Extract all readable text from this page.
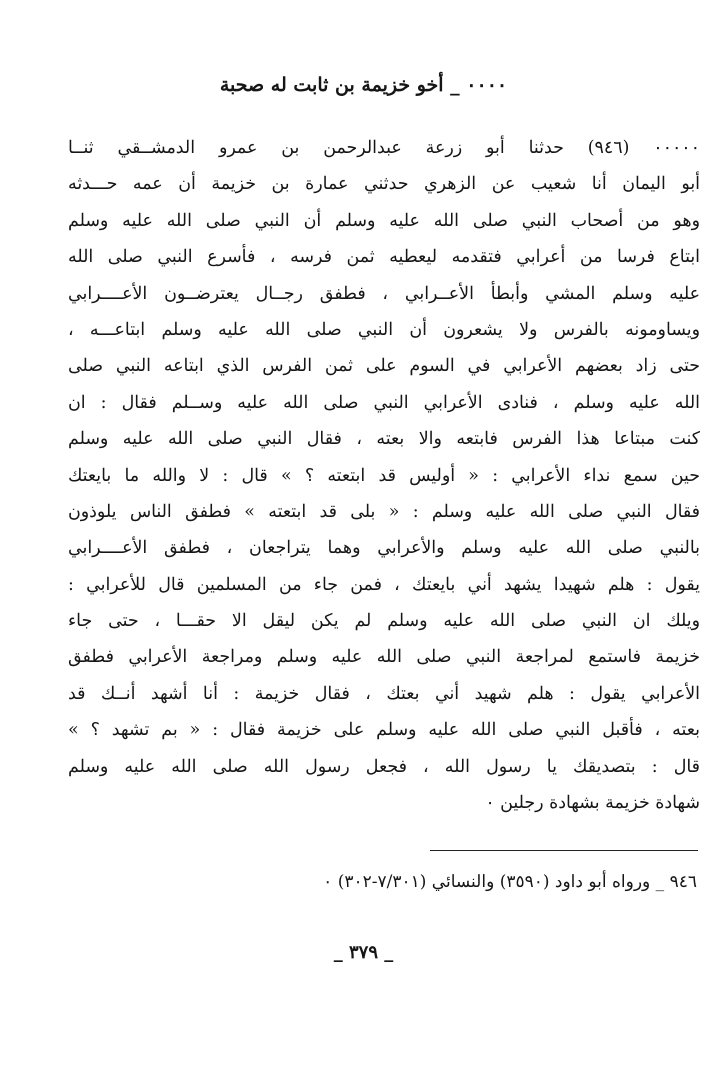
٠٠٠٠ _ أخو خزيمة بن ثابت له صحبة
٠٠٠٠٠ (٩٤٦) حدثنا أبو زرعة عبدالرحمن بن عمرو الدمشــقي ثنــا
أبو اليمان أنا شعيب عن الزهري حدثني عمارة بن خزيمة أن عمه حـــدثه
وهو من أصحاب النبي صلى الله عليه وسلم أن النبي صلى الله عليه وسلم
ابتاع فرسا من أعرابي فتقدمه ليعطيه ثمن فرسه ، فأسرع النبي صلى الله
عليه وسلم المشي وأبطأ الأعــرابي ، فطفق رجــال يعترضــون الأعــــرابي
ويساومونه بالفرس ولا يشعرون أن النبي صلى الله عليه وسلم ابتاعـــه ،
حتى زاد بعضهم الأعرابي في السوم على ثمن الفرس الذي ابتاعه النبي صلى
الله عليه وسلم ، فنادى الأعرابي النبي صلى الله عليه وســلم فقال : ان
كنت مبتاعا هذا الفرس فابتعه والا بعته ، فقال النبي صلى الله عليه وسلم
حين سمع نداء الأعرابي : « أوليس قد ابتعته ؟ » قال : لا والله ما بايعتك
فقال النبي صلى الله عليه وسلم : « بلى قد ابتعته » فطفق الناس يلوذون
بالنبي صلى الله عليه وسلم والأعرابي وهما يتراجعان ، فطفق الأعــــرابي
يقول : هلم شهيدا يشهد أني بايعتك ، فمن جاء من المسلمين قال للأعرابي :
ويلك ان النبي صلى الله عليه وسلم لم يكن ليقل الا حقـــا ، حتى جاء
خزيمة فاستمع لمراجعة النبي صلى الله عليه وسلم ومراجعة الأعرابي فطفق
الأعرابي يقول : هلم شهيد أني بعتك ، فقال خزيمة : أنا أشهد أنــك قد
بعته ، فأقبل النبي صلى الله عليه وسلم على خزيمة فقال : « بم تشهد ؟ »
قال : بتصديقك يا رسول الله ، فجعل رسول الله صلى الله عليه وسلم
شهادة خزيمة بشهادة رجلين ٠
٩٤٦ _ ورواه أبو داود (٣٥٩٠) والنسائي (٧/٣٠١-٣٠٢) ٠
_ ٣٧٩ _
